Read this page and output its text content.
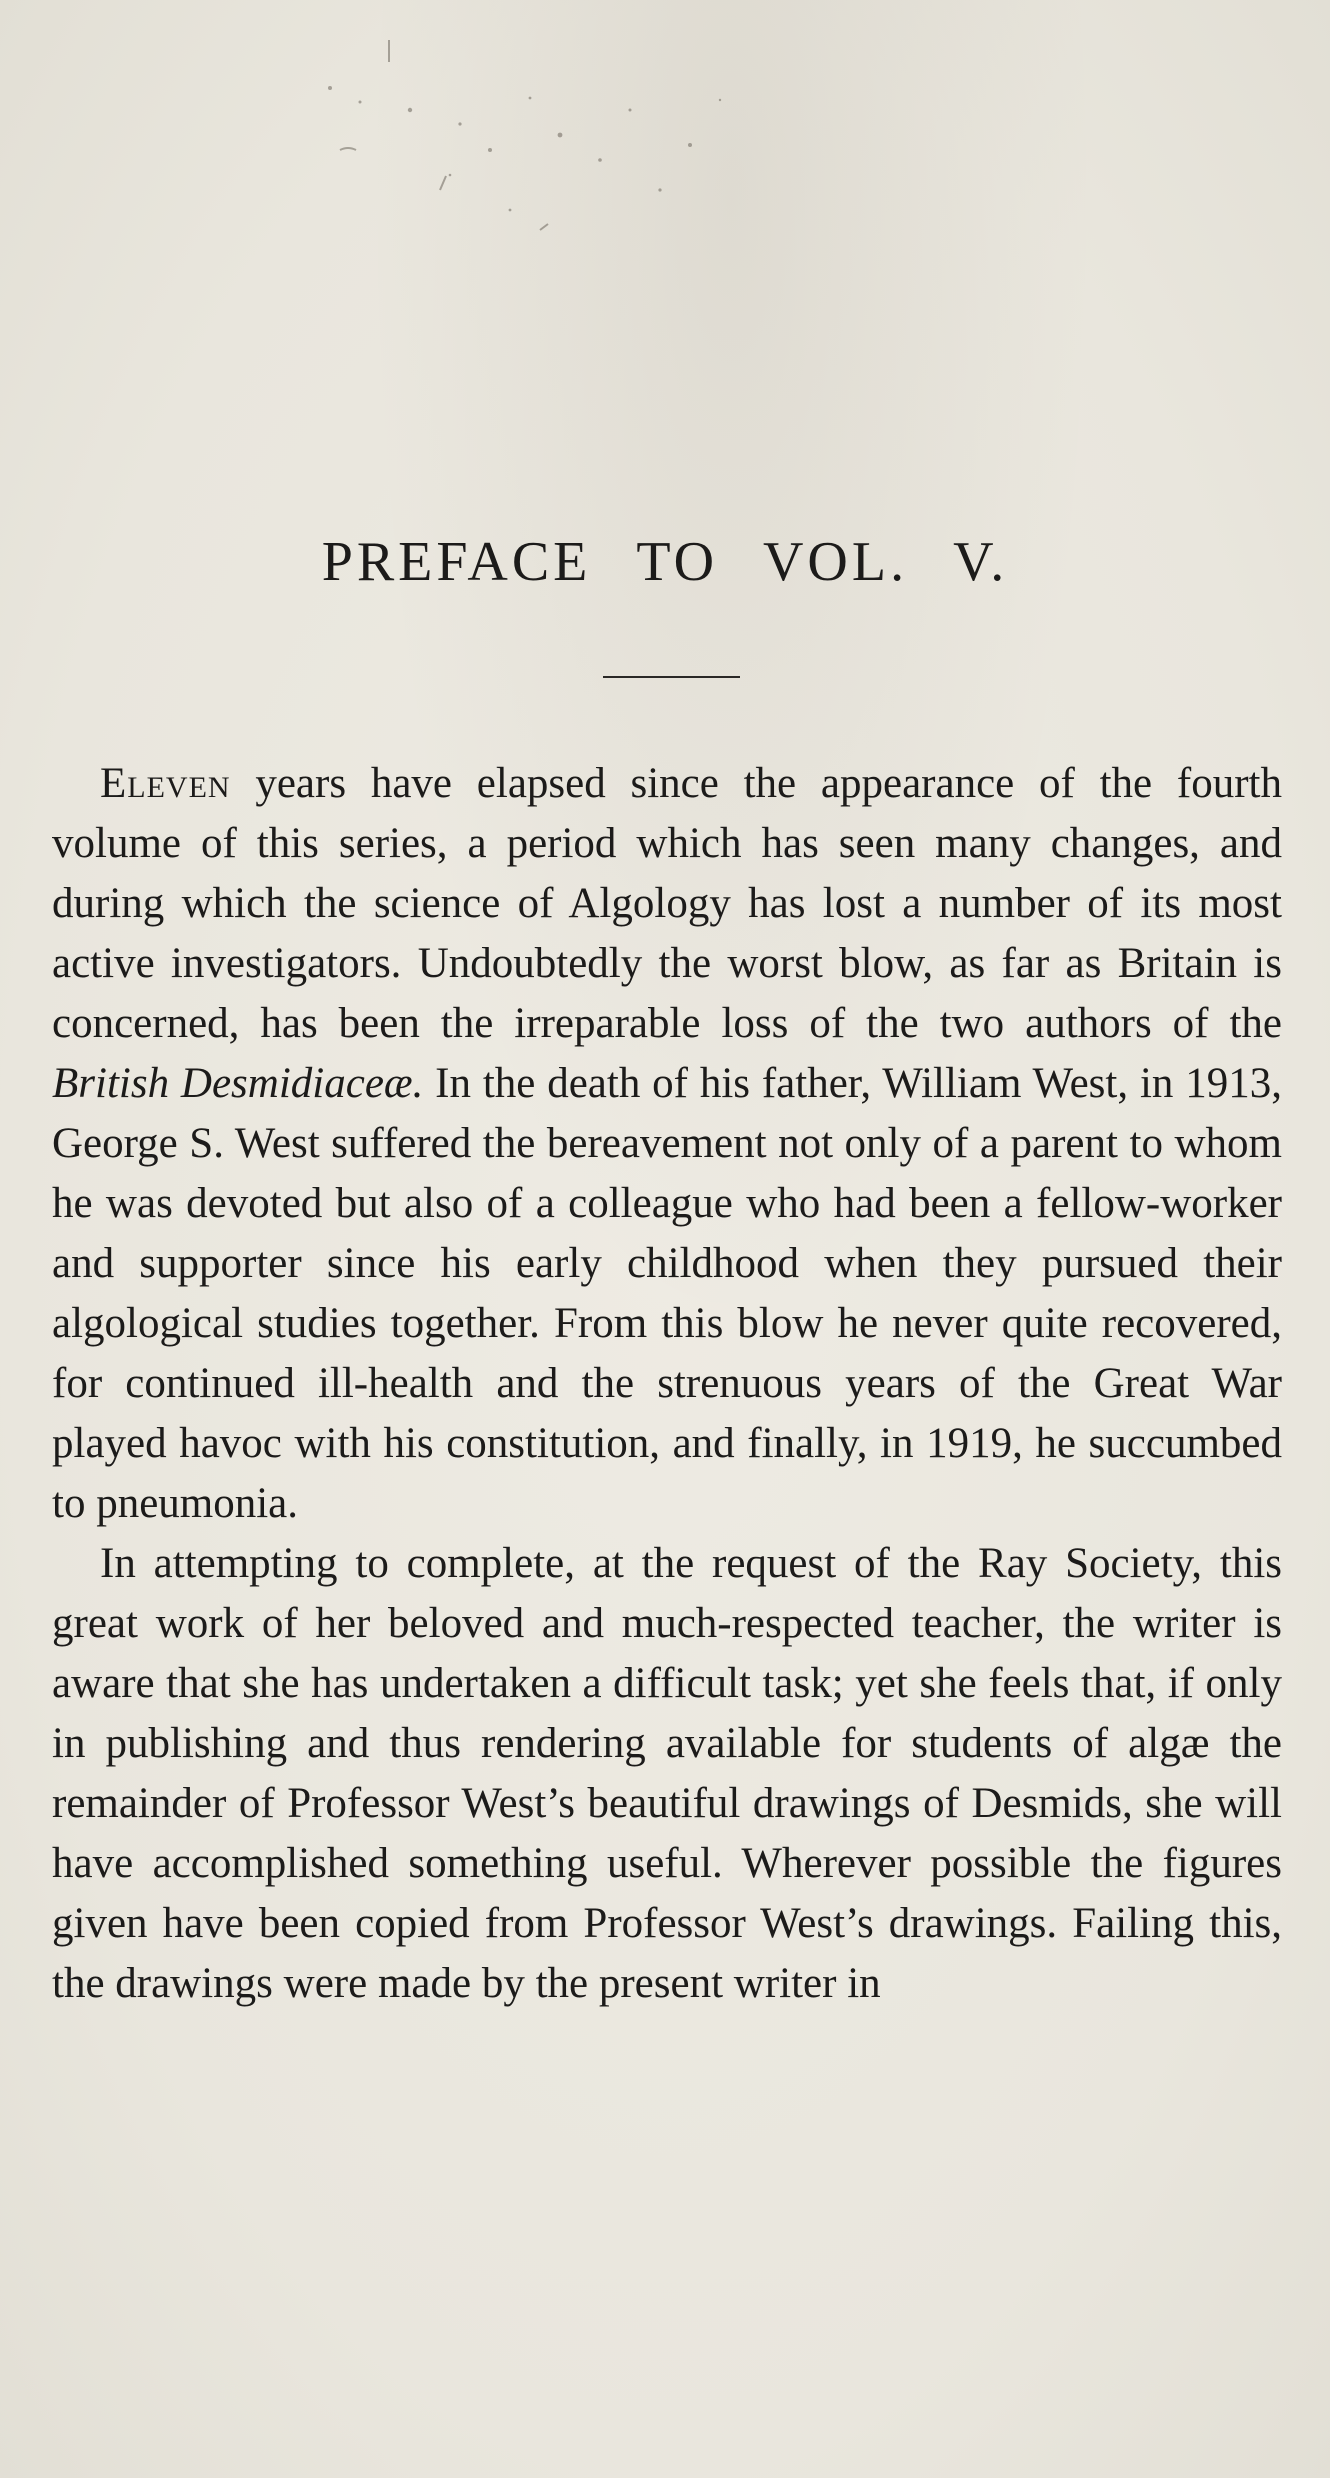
PREFACE TO VOL. V.

Eleven years have elapsed since the appearance of the fourth volume of this series, a period which has seen many changes, and during which the science of Algology has lost a number of its most active investigators. Undoubtedly the worst blow, as far as Britain is concerned, has been the irreparable loss of the two authors of the British Desmidiaceæ. In the death of his father, William West, in 1913, George S. West suffered the bereavement not only of a parent to whom he was devoted but also of a colleague who had been a fellow-worker and supporter since his early childhood when they pursued their algological studies together. From this blow he never quite recovered, for continued ill-health and the strenuous years of the Great War played havoc with his constitution, and finally, in 1919, he succumbed to pneumonia.

In attempting to complete, at the request of the Ray Society, this great work of her beloved and much-respected teacher, the writer is aware that she has undertaken a difficult task; yet she feels that, if only in publishing and thus rendering available for students of algæ the remainder of Professor West’s beautiful drawings of Desmids, she will have accomplished something useful. Wherever possible the figures given have been copied from Professor West’s drawings. Failing this, the drawings were made by the present writer in
